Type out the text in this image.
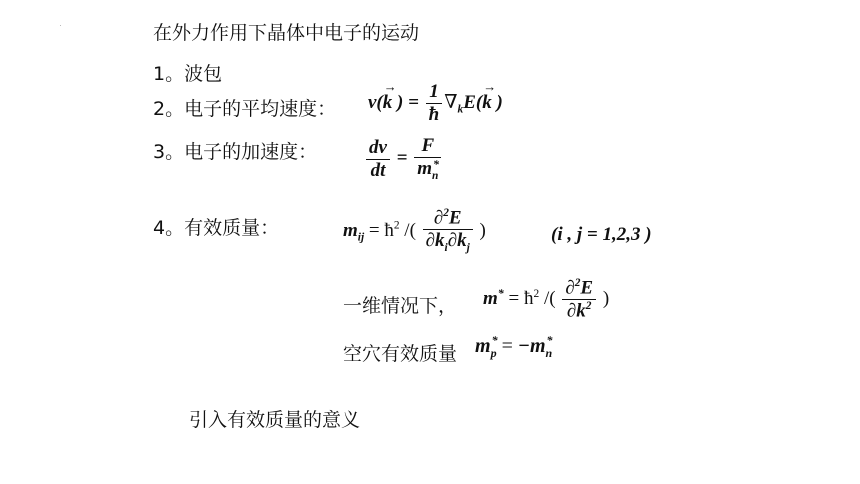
在外力作用下晶体中电子的运动
1。波包
2。电子的平均速度： v(k
→
) = $\frac{1}{ħ} \nabla_kE(k$
→
)
3。电子的加速度：	$\frac{dv}{dt} = F$
$m_{n *}$
4。有效质量：	$m_{ij}$ = $ħ^2$ /( $\frac{\partial^2E}{\partial k_i\partial k_j}$ )	(i , j = 1,2,3 )
一维情况下， $m^* = ħ^2$ /( $\frac{\partial^2E}{\partial k^2}$ )
空穴有效质量 $m_{p *} = -m_{n *}$
引入有效质量的意义
